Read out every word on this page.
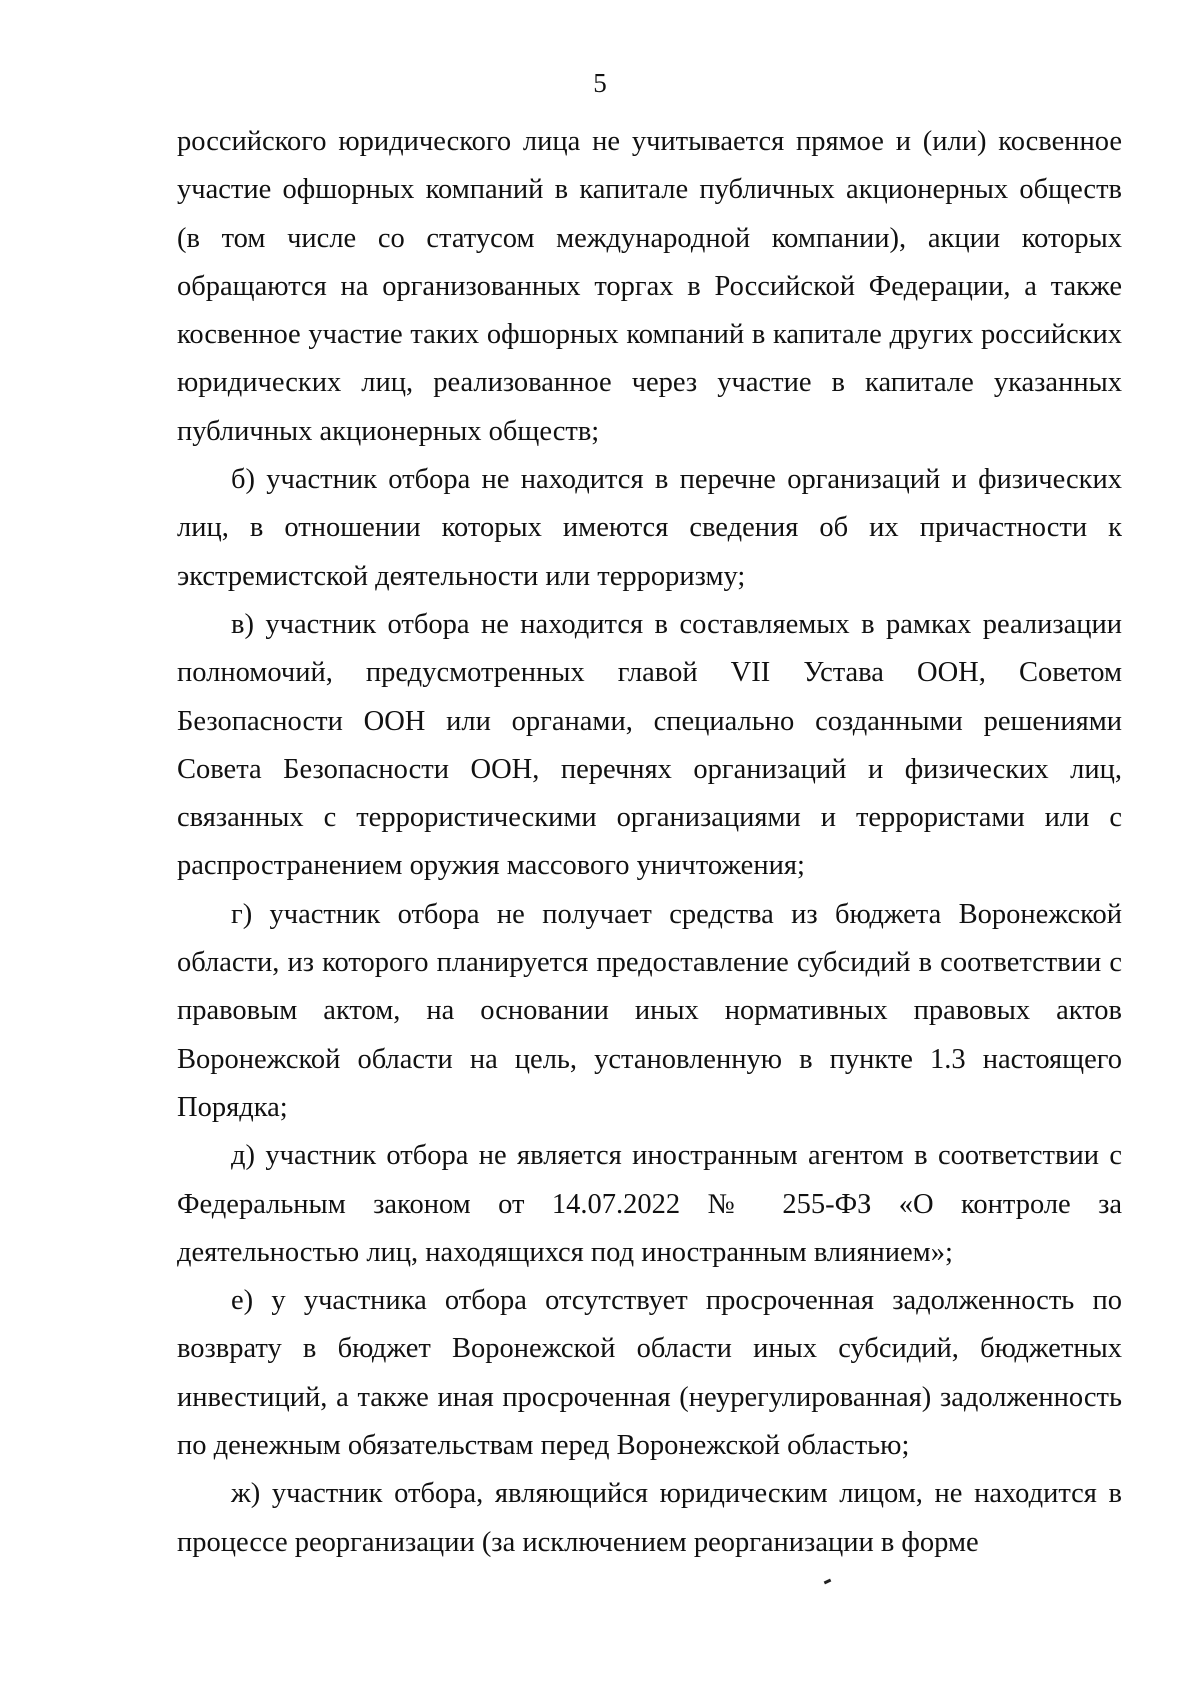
5

российского юридического лица не учитывается прямое и (или) косвенное участие офшорных компаний в капитале публичных акционерных обществ (в том числе со статусом международной компании), акции которых обращаются на организованных торгах в Российской Федерации, а также косвенное участие таких офшорных компаний в капитале других российских юридических лиц, реализованное через участие в капитале указанных публичных акционерных обществ;

б) участник отбора не находится в перечне организаций и физических лиц, в отношении которых имеются сведения об их причастности к экстремистской деятельности или терроризму;

в) участник отбора не находится в составляемых в рамках реализации полномочий, предусмотренных главой VII Устава ООН, Советом Безопасности ООН или органами, специально созданными решениями Совета Безопасности ООН, перечнях организаций и физических лиц, связанных с террористическими организациями и террористами или с распространением оружия массового уничтожения;

г) участник отбора не получает средства из бюджета Воронежской области, из которого планируется предоставление субсидий в соответствии с правовым актом, на основании иных нормативных правовых актов Воронежской области на цель, установленную в пункте 1.3 настоящего Порядка;

д) участник отбора не является иностранным агентом в соответствии с Федеральным законом от 14.07.2022 № 255-ФЗ «О контроле за деятельностью лиц, находящихся под иностранным влиянием»;

е) у участника отбора отсутствует просроченная задолженность по возврату в бюджет Воронежской области иных субсидий, бюджетных инвестиций, а также иная просроченная (неурегулированная) задолженность по денежным обязательствам перед Воронежской областью;

ж) участник отбора, являющийся юридическим лицом, не находится в процессе реорганизации (за исключением реорганизации в форме
